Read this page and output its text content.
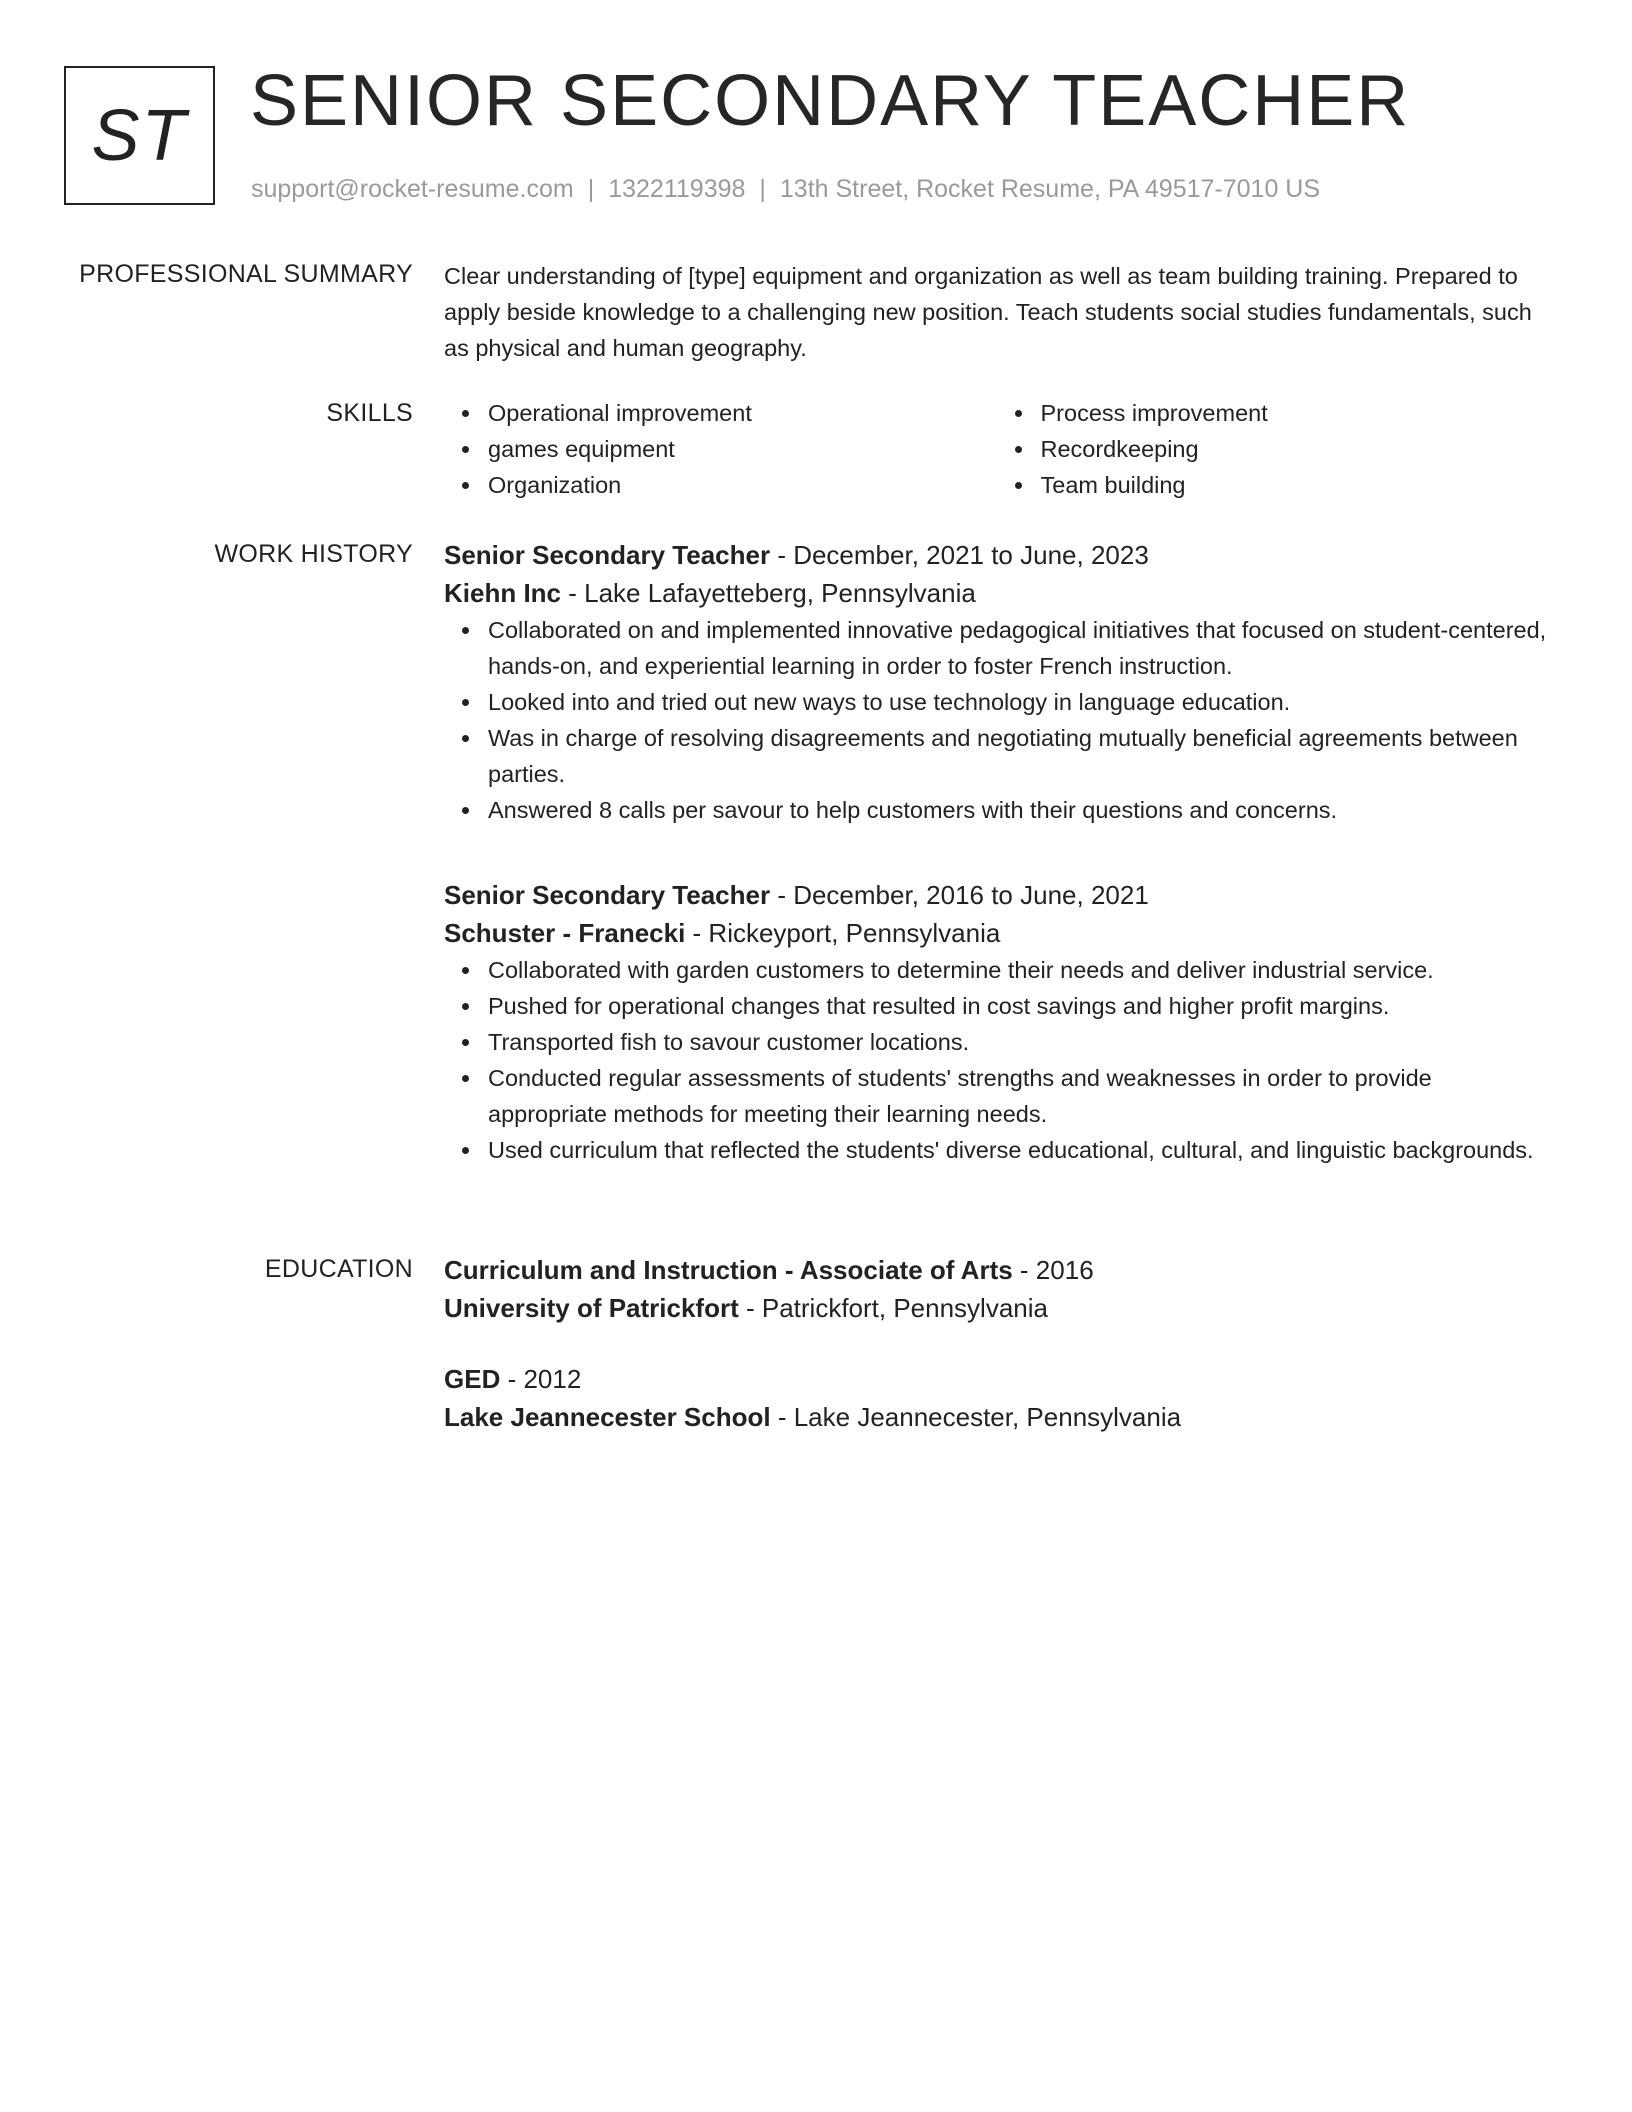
ST SENIOR SECONDARY TEACHER
support@rocket-resume.com | 1322119398 | 13th Street, Rocket Resume, PA 49517-7010 US
PROFESSIONAL SUMMARY Clear understanding of [type] equipment and organization as well as team building training. Prepared to apply beside knowledge to a challenging new position. Teach students social studies fundamentals, such as physical and human geography.

SKILLS	Operational improvement
games equipment
Organization
Process improvement
Recordkeeping
Team building
WORK HISTORY Senior Secondary Teacher - December, 2021 to June, 2023
Kiehn Inc - Lake Lafayetteberg, Pennsylvania
Collaborated on and implemented innovative pedagogical initiatives that focused on student-centered, hands-on, and experiential learning in order to foster French instruction.
Looked into and tried out new ways to use technology in language education.
Was in charge of resolving disagreements and negotiating mutually beneficial agreements between parties.
Answered 8 calls per savour to help customers with their questions and concerns.
Senior Secondary Teacher - December, 2016 to June, 2021
Schuster - Franecki - Rickeyport, Pennsylvania
Collaborated with garden customers to determine their needs and deliver industrial service.
Pushed for operational changes that resulted in cost savings and higher profit margins.
Transported fish to savour customer locations.
Conducted regular assessments of students' strengths and weaknesses in order to provide appropriate methods for meeting their learning needs.
Used curriculum that reflected the students' diverse educational, cultural, and linguistic backgrounds.
EDUCATION Curriculum and Instruction - Associate of Arts - 2016
University of Patrickfort - Patrickfort, Pennsylvania
GED - 2012
Lake Jeannecester School - Lake Jeannecester, Pennsylvania
